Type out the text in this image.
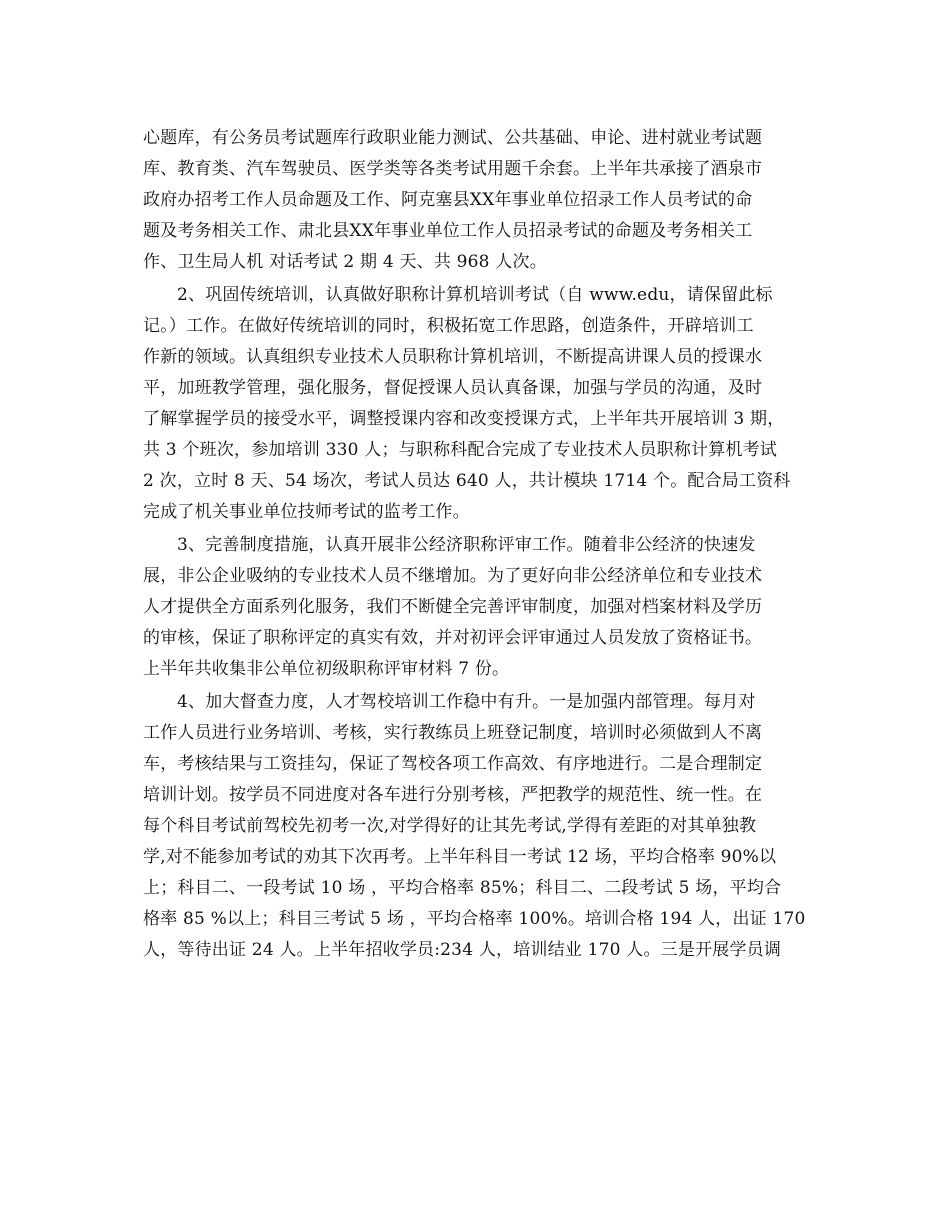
心题库，有公务员考试题库行政职业能力测试、公共基础、申论、进村就业考试题
库、教育类、汽车驾驶员、医学类等各类考试用题千余套。上半年共承接了酒泉市
政府办招考工作人员命题及工作、阿克塞县XX年事业单位招录工作人员考试的命
题及考务相关工作、肃北县XX年事业单位工作人员招录考试的命题及考务相关工
作、卫生局人机 对话考试 2 期 4 天、共 968 人次。
2、巩固传统培训，认真做好职称计算机培训考试（自 www.edu，请保留此标
记。）工作。在做好传统培训的同时，积极拓宽工作思路，创造条件，开辟培训工
作新的领域。认真组织专业技术人员职称计算机培训，不断提高讲课人员的授课水
平，加班教学管理，强化服务，督促授课人员认真备课，加强与学员的沟通，及时
了解掌握学员的接受水平，调整授课内容和改变授课方式，上半年共开展培训 3 期，
共 3 个班次，参加培训 330 人；与职称科配合完成了专业技术人员职称计算机考试
2 次，立时 8 天、54 场次，考试人员达 640 人，共计模块 1714 个。配合局工资科
完成了机关事业单位技师考试的监考工作。
3、完善制度措施，认真开展非公经济职称评审工作。随着非公经济的快速发
展，非公企业吸纳的专业技术人员不继增加。为了更好向非公经济单位和专业技术
人才提供全方面系列化服务，我们不断健全完善评审制度，加强对档案材料及学历
的审核，保证了职称评定的真实有效，并对初评会评审通过人员发放了资格证书。
上半年共收集非公单位初级职称评审材料 7 份。
4、加大督查力度，人才驾校培训工作稳中有升。一是加强内部管理。每月对
工作人员进行业务培训、考核，实行教练员上班登记制度，培训时必须做到人不离
车，考核结果与工资挂勾，保证了驾校各项工作高效、有序地进行。二是合理制定
培训计划。按学员不同进度对各车进行分别考核，严把教学的规范性、统一性。在
每个科目考试前驾校先初考一次,对学得好的让其先考试,学得有差距的对其单独教
学,对不能参加考试的劝其下次再考。上半年科目一考试 12 场，平均合格率 90%以
上；科目二、一段考试 10 场 ，平均合格率 85%；科目二、二段考试 5 场，平均合
格率 85 %以上；科目三考试 5 场 ，平均合格率 100%。培训合格 194 人，出证 170
人，等待出证 24 人。上半年招收学员:234 人，培训结业 170 人。三是开展学员调
